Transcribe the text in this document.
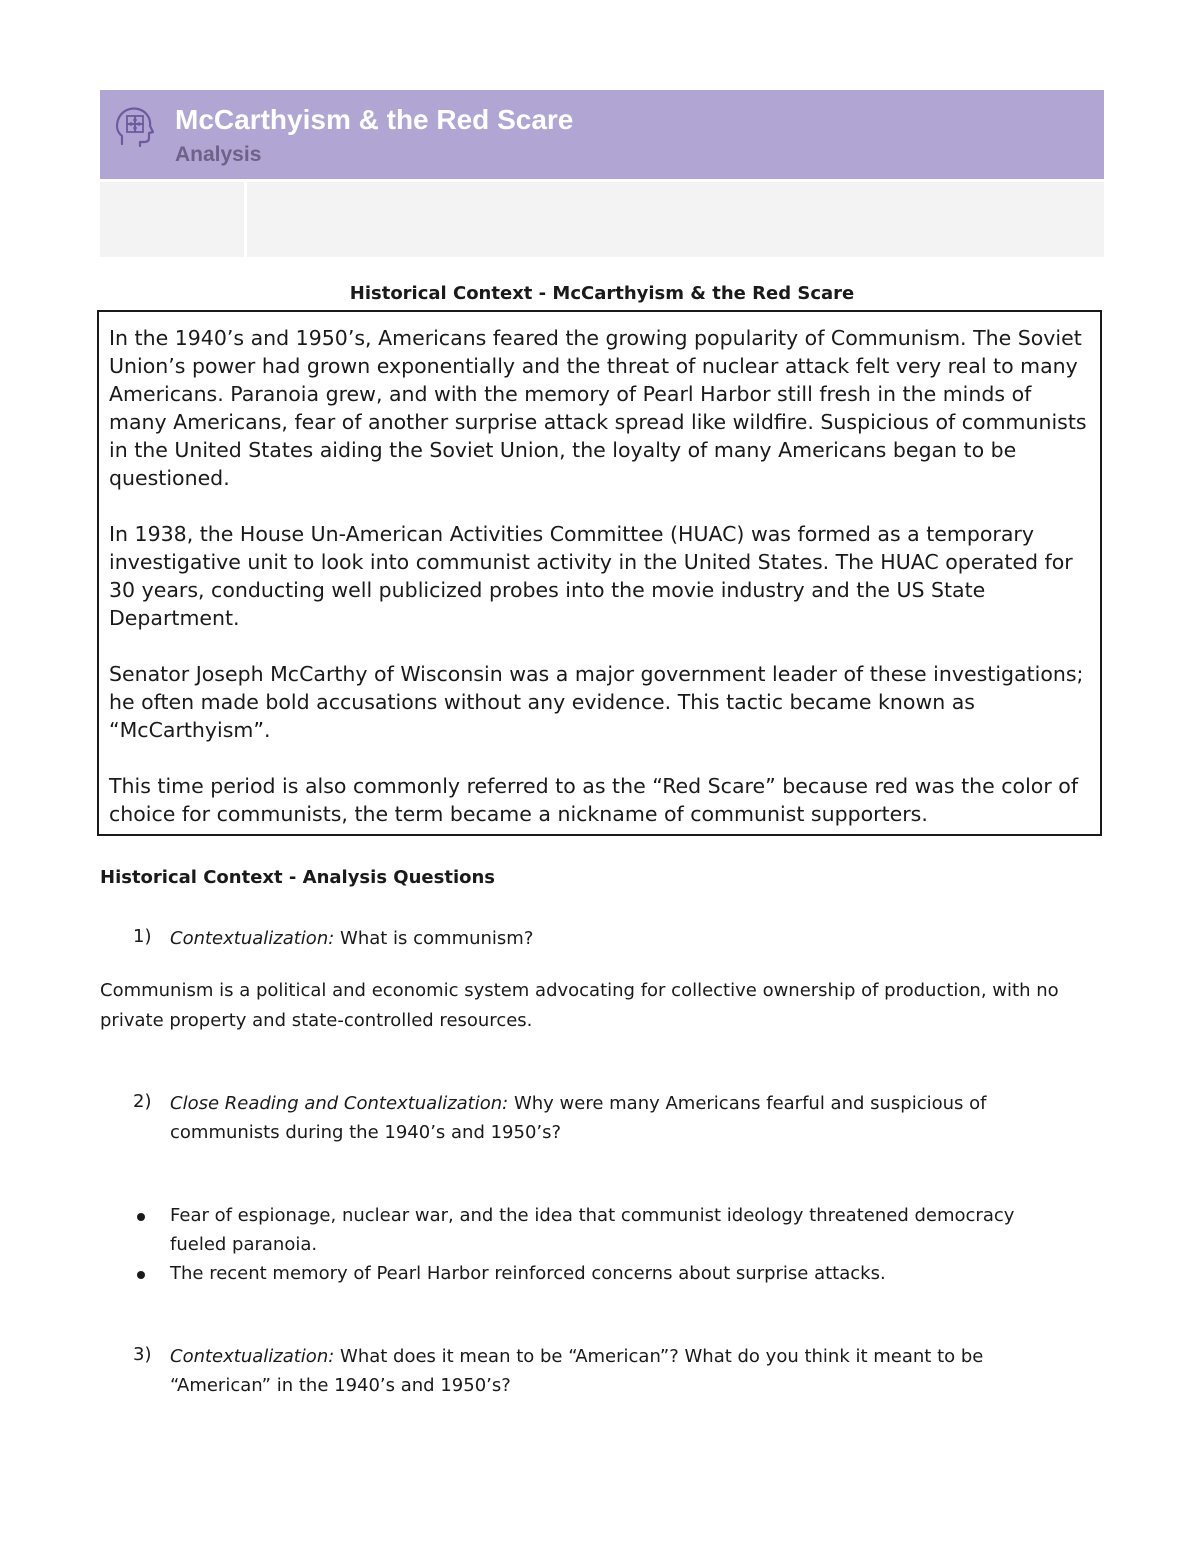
McCarthyism & the Red Scare
Analysis
Historical Context - McCarthyism & the Red Scare

In the 1940’s and 1950’s, Americans feared the growing popularity of Communism. The Soviet Union’s power had grown exponentially and the threat of nuclear attack felt very real to many Americans. Paranoia grew, and with the memory of Pearl Harbor still fresh in the minds of many Americans, fear of another surprise attack spread like wildfire. Suspicious of communists in the United States aiding the Soviet Union, the loyalty of many Americans began to be questioned.

In 1938, the House Un-American Activities Committee (HUAC) was formed as a temporary investigative unit to look into communist activity in the United States. The HUAC operated for 30 years, conducting well publicized probes into the movie industry and the US State Department.

Senator Joseph McCarthy of Wisconsin was a major government leader of these investigations; he often made bold accusations without any evidence. This tactic became known as “McCarthyism”.

This time period is also commonly referred to as the “Red Scare” because red was the color of choice for communists, the term became a nickname of communist supporters.

Historical Context - Analysis Questions
1) Contextualization: What is communism?
Communism is a political and economic system advocating for collective ownership of production, with no private property and state-controlled resources.
2) Close Reading and Contextualization: Why were many Americans fearful and suspicious of communists during the 1940’s and 1950’s?
Fear of espionage, nuclear war, and the idea that communist ideology threatened democracy fueled paranoia.
The recent memory of Pearl Harbor reinforced concerns about surprise attacks.
3) Contextualization: What does it mean to be “American”? What do you think it meant to be “American” in the 1940’s and 1950’s?
